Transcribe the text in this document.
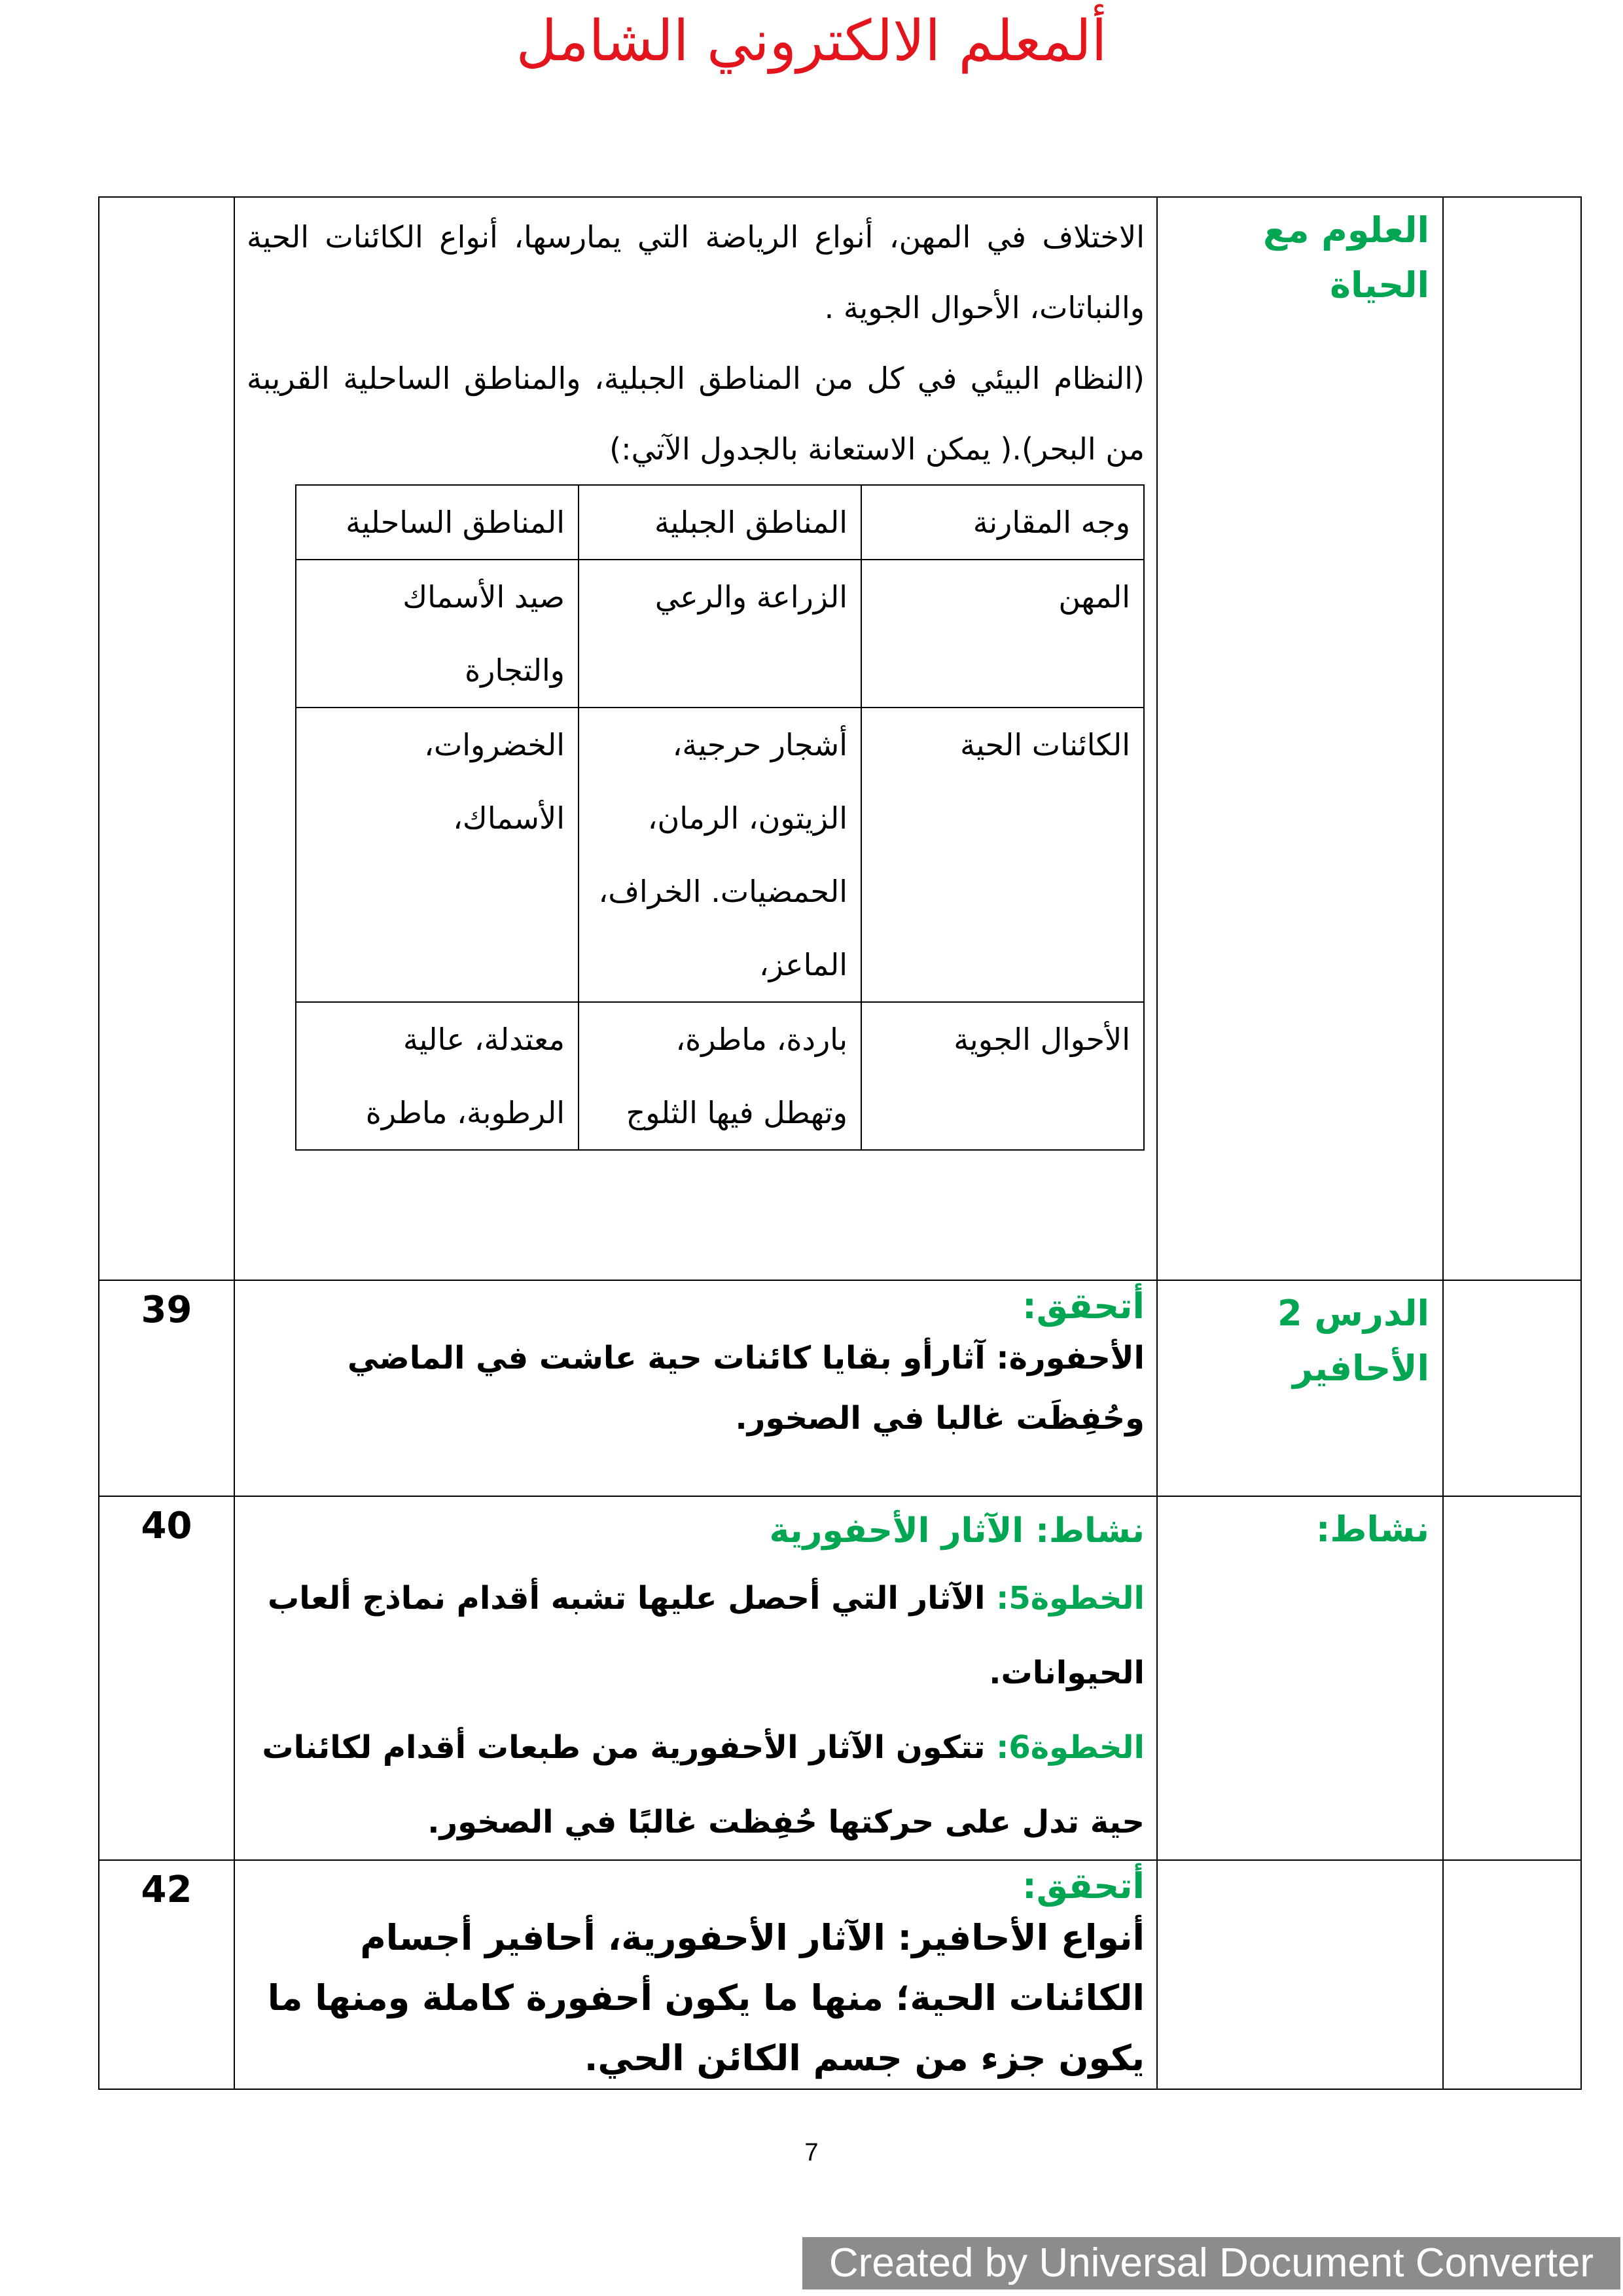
ألمعلم الالكتروني الشامل

العلوم مع الحياة

الاختلاف في المهن، أنواع الرياضة التي يمارسها، أنواع الكائنات الحية والنباتات، الأحوال الجوية .
(النظام البيئي في كل من المناطق الجبلية، والمناطق الساحلية القريبة من البحر).( يمكن الاستعانة بالجدول الآتي:)
وجه المقارنة	المناطق الجبلية	المناطق الساحلية
المهن	الزراعة والرعي	صيد الأسماك والتجارة
الكائنات الحية	أشجار حرجية، الزيتون، الرمان، الحمضيات. الخراف، الماعز،	الخضروات، الأسماك،
الأحوال الجوية	باردة، ماطرة، وتهطل فيها الثلوج	معتدلة، عالية الرطوبة، ماطرة

الدرس 2 الأحافير

أتحقق:
الأحفورة: آثارأو بقايا كائنات حية عاشت في الماضي وحُفِظَت غالبا في الصخور.
	39

نشاط:

نشاط: الآثار الأحفورية
الخطوة5: الآثار التي أحصل عليها تشبه أقدام نماذج ألعاب الحيوانات.
الخطوة6: تتكون الآثار الأحفورية من طبعات أقدام لكائنات حية تدل على حركتها حُفِظت غالبًا في الصخور.
	40

أتحقق:
أنواع الأحافير: الآثار الأحفورية، أحافير أجسام الكائنات الحية؛ منها ما يكون أحفورة كاملة ومنها ما يكون جزء من جسم الكائن الحي.
	42
7
Created by Universal Document Converter
